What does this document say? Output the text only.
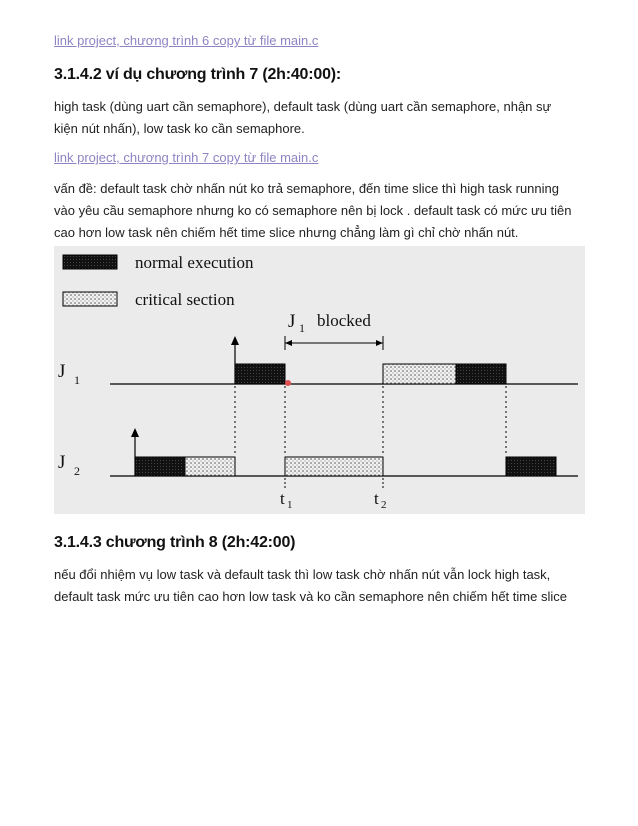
link project, chương trình 6 copy từ file main.c
3.1.4.2 ví dụ chương trình 7 (2h:40:00):
high task (dùng uart cần semaphore), default task (dùng uart cần semaphore, nhận sự
kiện nút nhấn), low task ko cần semaphore.
link project, chương trình 7 copy từ file main.c
vấn đề: default task chờ nhấn nút ko trả semaphore, đến time slice thì high task running
vào yêu cầu semaphore nhưng ko có semaphore nên bị lock . default task có mức ưu tiên
cao hơn low task nên chiếm hết time slice nhưng chẳng làm gì chỉ chờ nhấn nút.
normal execution
critical section
J 1 blocked
J 1
J 2
t 1	t 2
3.1.4.3 chương trình 8 (2h:42:00)
nếu đổi nhiệm vụ low task và default task thì low task chờ nhấn nút vẫn lock high task,
default task mức ưu tiên cao hơn low task và ko cần semaphore nên chiếm hết time slice
